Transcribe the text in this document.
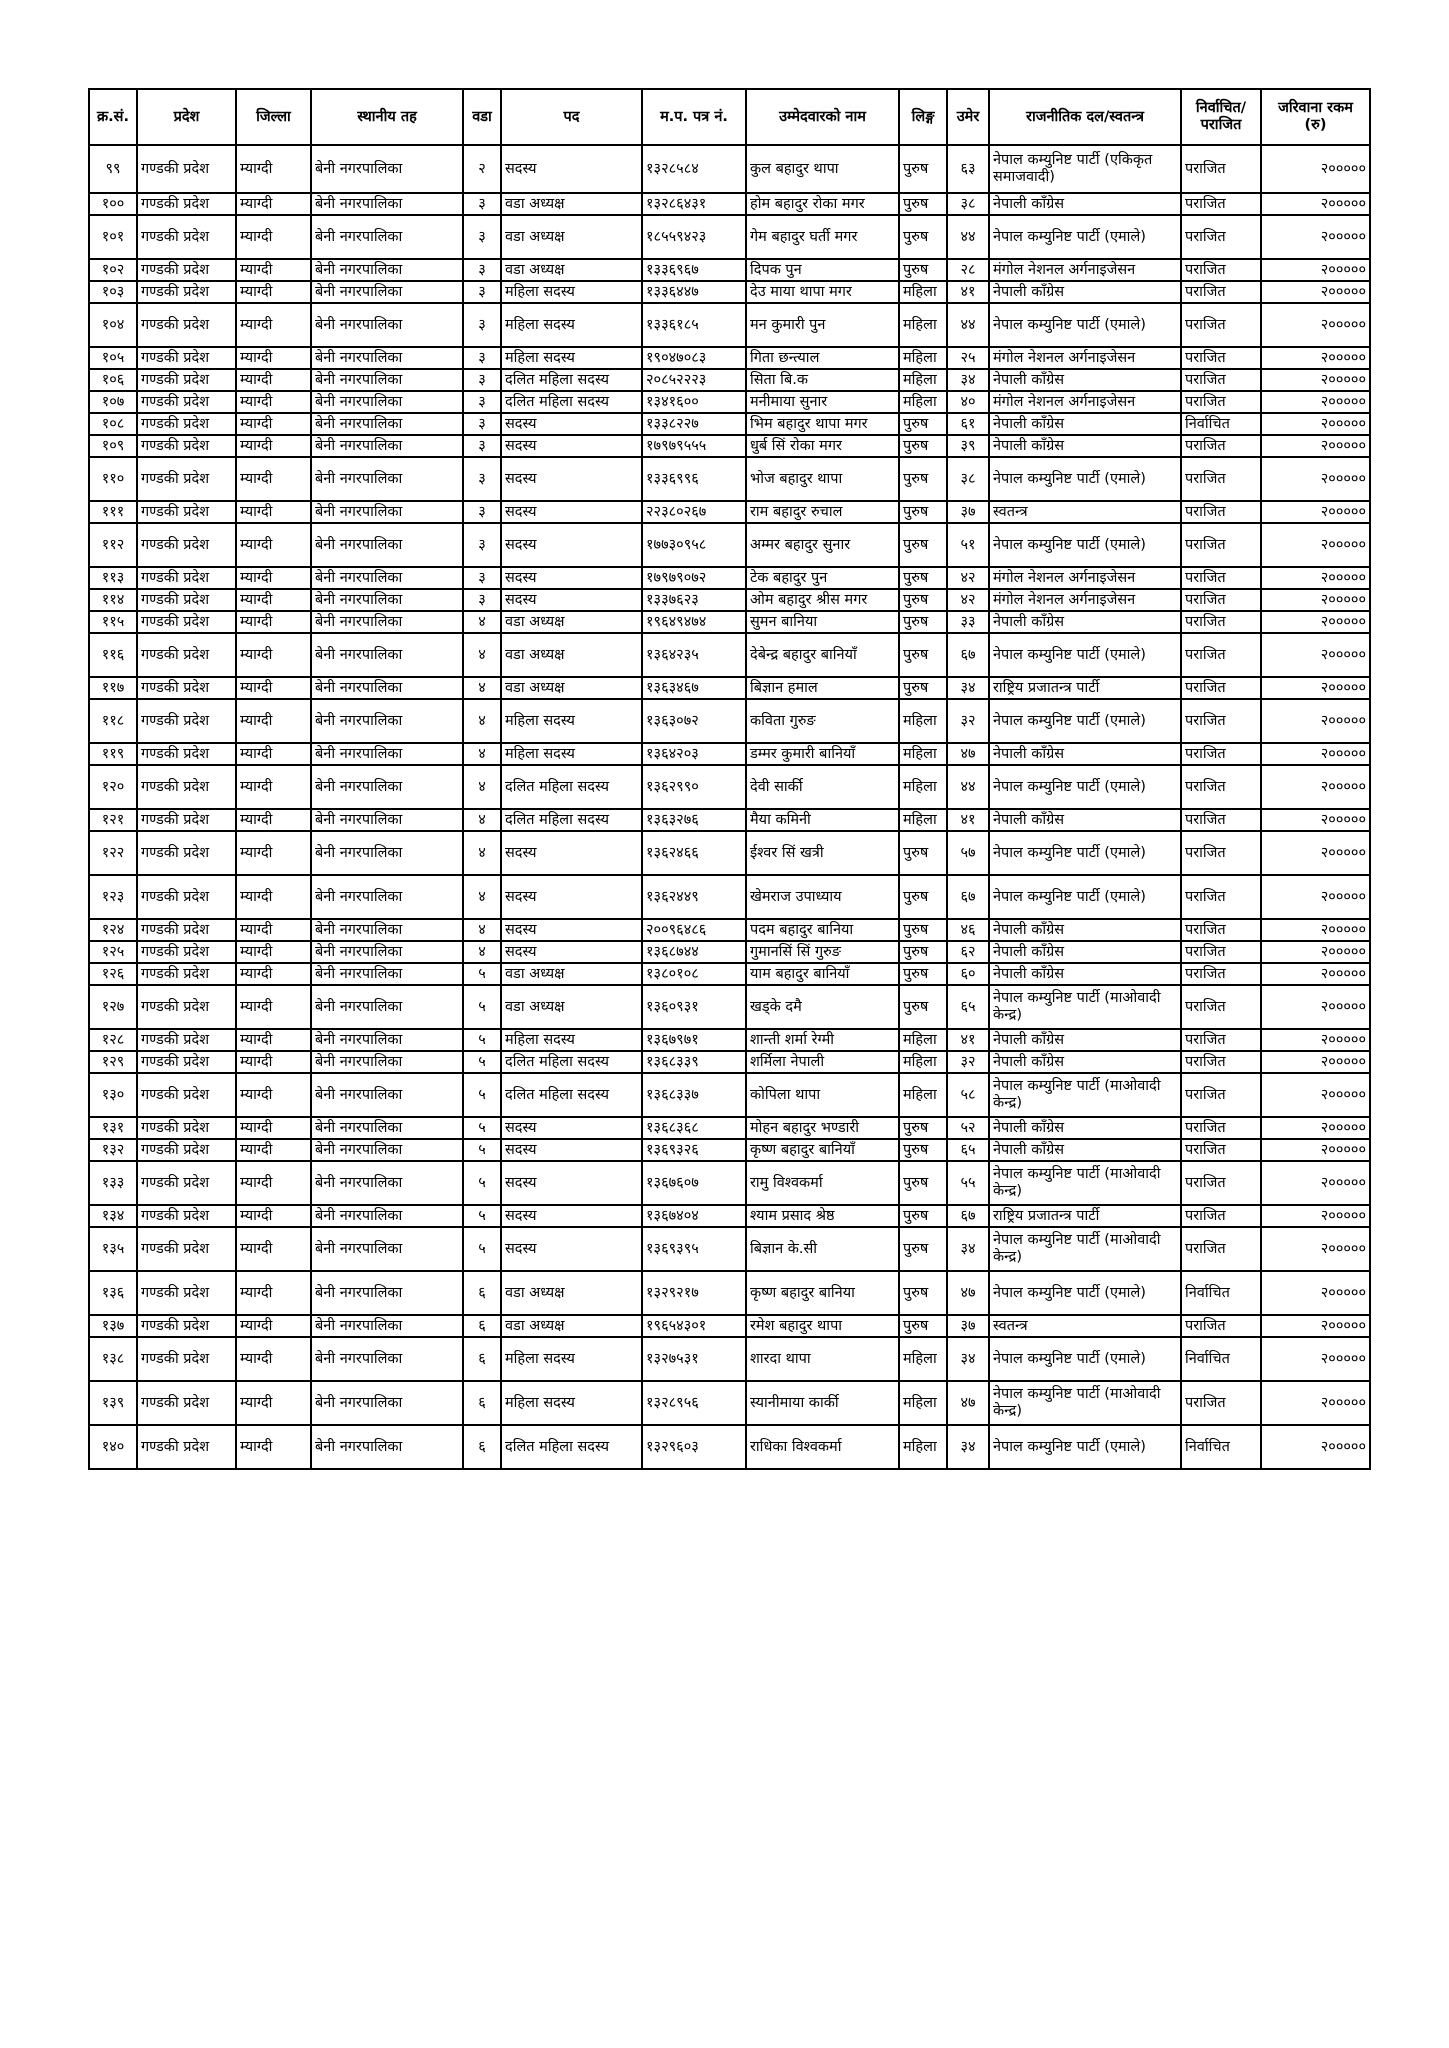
क्र.सं.	प्रदेश	जिल्ला	स्थानीय तह	वडा	पद	म.प. पत्र नं.	उम्मेदवारको नाम	लिङ्ग	उमेर	राजनीतिक दल/स्वतन्त्र	निर्वाचित/ पराजित	जरिवाना रकम (रु)
९९	गण्डकी प्रदेश	म्याग्दी	बेनी नगरपालिका	२	सदस्य	१३२८५८४	कुल बहादुर थापा	पुरुष	६३	नेपाल कम्युनिष्ट पार्टी (एकिकृत समाजवादी)	पराजित	२०००००
१००	गण्डकी प्रदेश	म्याग्दी	बेनी नगरपालिका	३	वडा अध्यक्ष	१३२८६४३१	होम बहादुर रोका मगर	पुरुष	३८	नेपाली काँग्रेस	पराजित	२०००००
१०१	गण्डकी प्रदेश	म्याग्दी	बेनी नगरपालिका	३	वडा अध्यक्ष	१८५५९४२३	गेम बहादुर घर्ती मगर	पुरुष	४४	नेपाल कम्युनिष्ट पार्टी (एमाले)	पराजित	२०००००
१०२	गण्डकी प्रदेश	म्याग्दी	बेनी नगरपालिका	३	वडा अध्यक्ष	१३३६९६७	दिपक पुन	पुरुष	२८	मंगोल नेशनल अर्गनाइजेसन	पराजित	२०००००
१०३	गण्डकी प्रदेश	म्याग्दी	बेनी नगरपालिका	३	महिला सदस्य	१३३६४४७	देउ माया थापा मगर	महिला	४१	नेपाली काँग्रेस	पराजित	२०००००
१०४	गण्डकी प्रदेश	म्याग्दी	बेनी नगरपालिका	३	महिला सदस्य	१३३६१८५	मन कुमारी पुन	महिला	४४	नेपाल कम्युनिष्ट पार्टी (एमाले)	पराजित	२०००००
१०५	गण्डकी प्रदेश	म्याग्दी	बेनी नगरपालिका	३	महिला सदस्य	१९०४७०८३	गिता छन्त्याल	महिला	२५	मंगोल नेशनल अर्गनाइजेसन	पराजित	२०००००
१०६	गण्डकी प्रदेश	म्याग्दी	बेनी नगरपालिका	३	दलित महिला सदस्य	२०८५२२२३	सिता बि.क	महिला	३४	नेपाली काँग्रेस	पराजित	२०००००
१०७	गण्डकी प्रदेश	म्याग्दी	बेनी नगरपालिका	३	दलित महिला सदस्य	१३४१६००	मनीमाया सुनार	महिला	४०	मंगोल नेशनल अर्गनाइजेसन	पराजित	२०००००
१०८	गण्डकी प्रदेश	म्याग्दी	बेनी नगरपालिका	३	सदस्य	१३३८२२७	भिम बहादुर थापा मगर	पुरुष	६१	नेपाली काँग्रेस	निर्वाचित	२०००००
१०९	गण्डकी प्रदेश	म्याग्दी	बेनी नगरपालिका	३	सदस्य	१७९७९५५५	धुर्ब सिं रोका मगर	पुरुष	३९	नेपाली काँग्रेस	पराजित	२०००००
११०	गण्डकी प्रदेश	म्याग्दी	बेनी नगरपालिका	३	सदस्य	१३३६९९६	भोज बहादुर थापा	पुरुष	३८	नेपाल कम्युनिष्ट पार्टी (एमाले)	पराजित	२०००००
१११	गण्डकी प्रदेश	म्याग्दी	बेनी नगरपालिका	३	सदस्य	२२३८०२६७	राम बहादुर रुचाल	पुरुष	३७	स्वतन्त्र	पराजित	२०००००
११२	गण्डकी प्रदेश	म्याग्दी	बेनी नगरपालिका	३	सदस्य	१७७३०९५८	अम्मर बहादुर सुनार	पुरुष	५१	नेपाल कम्युनिष्ट पार्टी (एमाले)	पराजित	२०००००
११३	गण्डकी प्रदेश	म्याग्दी	बेनी नगरपालिका	३	सदस्य	१७९७९०७२	टेक बहादुर पुन	पुरुष	४२	मंगोल नेशनल अर्गनाइजेसन	पराजित	२०००००
११४	गण्डकी प्रदेश	म्याग्दी	बेनी नगरपालिका	३	सदस्य	१३३७६२३	ओम बहादुर श्रीस मगर	पुरुष	४२	मंगोल नेशनल अर्गनाइजेसन	पराजित	२०००००
११५	गण्डकी प्रदेश	म्याग्दी	बेनी नगरपालिका	४	वडा अध्यक्ष	१९६४९४७४	सुमन बानिया	पुरुष	३३	नेपाली काँग्रेस	पराजित	२०००००
११६	गण्डकी प्रदेश	म्याग्दी	बेनी नगरपालिका	४	वडा अध्यक्ष	१३६४२३५	देबेन्द्र बहादुर बानियाँ	पुरुष	६७	नेपाल कम्युनिष्ट पार्टी (एमाले)	पराजित	२०००००
११७	गण्डकी प्रदेश	म्याग्दी	बेनी नगरपालिका	४	वडा अध्यक्ष	१३६३४६७	बिज्ञान हमाल	पुरुष	३४	राष्ट्रिय प्रजातन्त्र पार्टी	पराजित	२०००००
११८	गण्डकी प्रदेश	म्याग्दी	बेनी नगरपालिका	४	महिला सदस्य	१३६३०७२	कविता गुरुङ	महिला	३२	नेपाल कम्युनिष्ट पार्टी (एमाले)	पराजित	२०००००
११९	गण्डकी प्रदेश	म्याग्दी	बेनी नगरपालिका	४	महिला सदस्य	१३६४२०३	डम्मर कुमारी बानियाँ	महिला	४७	नेपाली काँग्रेस	पराजित	२०००००
१२०	गण्डकी प्रदेश	म्याग्दी	बेनी नगरपालिका	४	दलित महिला सदस्य	१३६२९९०	देवी सार्की	महिला	४४	नेपाल कम्युनिष्ट पार्टी (एमाले)	पराजित	२०००००
१२१	गण्डकी प्रदेश	म्याग्दी	बेनी नगरपालिका	४	दलित महिला सदस्य	१३६३२७६	मैया कमिनी	महिला	४१	नेपाली काँग्रेस	पराजित	२०००००
१२२	गण्डकी प्रदेश	म्याग्दी	बेनी नगरपालिका	४	सदस्य	१३६२४६६	ईश्वर सिं खत्री	पुरुष	५७	नेपाल कम्युनिष्ट पार्टी (एमाले)	पराजित	२०००००
१२३	गण्डकी प्रदेश	म्याग्दी	बेनी नगरपालिका	४	सदस्य	१३६२४४९	खेमराज उपाध्याय	पुरुष	६७	नेपाल कम्युनिष्ट पार्टी (एमाले)	पराजित	२०००००
१२४	गण्डकी प्रदेश	म्याग्दी	बेनी नगरपालिका	४	सदस्य	२००९६४८६	पदम बहादुर बानिया	पुरुष	४६	नेपाली काँग्रेस	पराजित	२०००००
१२५	गण्डकी प्रदेश	म्याग्दी	बेनी नगरपालिका	४	सदस्य	१३६८७४४	गुमानसिं सिं गुरुङ	पुरुष	६२	नेपाली काँग्रेस	पराजित	२०००००
१२६	गण्डकी प्रदेश	म्याग्दी	बेनी नगरपालिका	५	वडा अध्यक्ष	१३८०१०८	याम बहादुर बानियाँ	पुरुष	६०	नेपाली काँग्रेस	पराजित	२०००००
१२७	गण्डकी प्रदेश	म्याग्दी	बेनी नगरपालिका	५	वडा अध्यक्ष	१३६०९३१	खड्के दमै	पुरुष	६५	नेपाल कम्युनिष्ट पार्टी (माओवादी केन्द्र)	पराजित	२०००००
१२८	गण्डकी प्रदेश	म्याग्दी	बेनी नगरपालिका	५	महिला सदस्य	१३६७९७१	शान्ती शर्मा रेग्मी	महिला	४१	नेपाली काँग्रेस	पराजित	२०००००
१२९	गण्डकी प्रदेश	म्याग्दी	बेनी नगरपालिका	५	दलित महिला सदस्य	१३६८३३९	शर्मिला नेपाली	महिला	३२	नेपाली काँग्रेस	पराजित	२०००००
१३०	गण्डकी प्रदेश	म्याग्दी	बेनी नगरपालिका	५	दलित महिला सदस्य	१३६८३३७	कोपिला थापा	महिला	५८	नेपाल कम्युनिष्ट पार्टी (माओवादी केन्द्र)	पराजित	२०००००
१३१	गण्डकी प्रदेश	म्याग्दी	बेनी नगरपालिका	५	सदस्य	१३६८३६८	मोहन बहादुर भण्डारी	पुरुष	५२	नेपाली काँग्रेस	पराजित	२०००००
१३२	गण्डकी प्रदेश	म्याग्दी	बेनी नगरपालिका	५	सदस्य	१३६९३२६	कृष्ण बहादुर बानियाँ	पुरुष	६५	नेपाली काँग्रेस	पराजित	२०००००
१३३	गण्डकी प्रदेश	म्याग्दी	बेनी नगरपालिका	५	सदस्य	१३६७६०७	रामु विश्वकर्मा	पुरुष	५५	नेपाल कम्युनिष्ट पार्टी (माओवादी केन्द्र)	पराजित	२०००००
१३४	गण्डकी प्रदेश	म्याग्दी	बेनी नगरपालिका	५	सदस्य	१३६७४०४	श्याम प्रसाद श्रेष्ठ	पुरुष	६७	राष्ट्रिय प्रजातन्त्र पार्टी	पराजित	२०००००
१३५	गण्डकी प्रदेश	म्याग्दी	बेनी नगरपालिका	५	सदस्य	१३६९३९५	बिज्ञान के.सी	पुरुष	३४	नेपाल कम्युनिष्ट पार्टी (माओवादी केन्द्र)	पराजित	२०००००
१३६	गण्डकी प्रदेश	म्याग्दी	बेनी नगरपालिका	६	वडा अध्यक्ष	१३२९२१७	कृष्ण बहादुर बानिया	पुरुष	४७	नेपाल कम्युनिष्ट पार्टी (एमाले)	निर्वाचित	२०००००
१३७	गण्डकी प्रदेश	म्याग्दी	बेनी नगरपालिका	६	वडा अध्यक्ष	१९६५४३०१	रमेश बहादुर थापा	पुरुष	३७	स्वतन्त्र	पराजित	२०००००
१३८	गण्डकी प्रदेश	म्याग्दी	बेनी नगरपालिका	६	महिला सदस्य	१३२७५३१	शारदा थापा	महिला	३४	नेपाल कम्युनिष्ट पार्टी (एमाले)	निर्वाचित	२०००००
१३९	गण्डकी प्रदेश	म्याग्दी	बेनी नगरपालिका	६	महिला सदस्य	१३२८९५६	स्यानीमाया कार्की	महिला	४७	नेपाल कम्युनिष्ट पार्टी (माओवादी केन्द्र)	पराजित	२०००००
१४०	गण्डकी प्रदेश	म्याग्दी	बेनी नगरपालिका	६	दलित महिला सदस्य	१३२९६०३	राधिका विश्वकर्मा	महिला	३४	नेपाल कम्युनिष्ट पार्टी (एमाले)	निर्वाचित	२०००००
